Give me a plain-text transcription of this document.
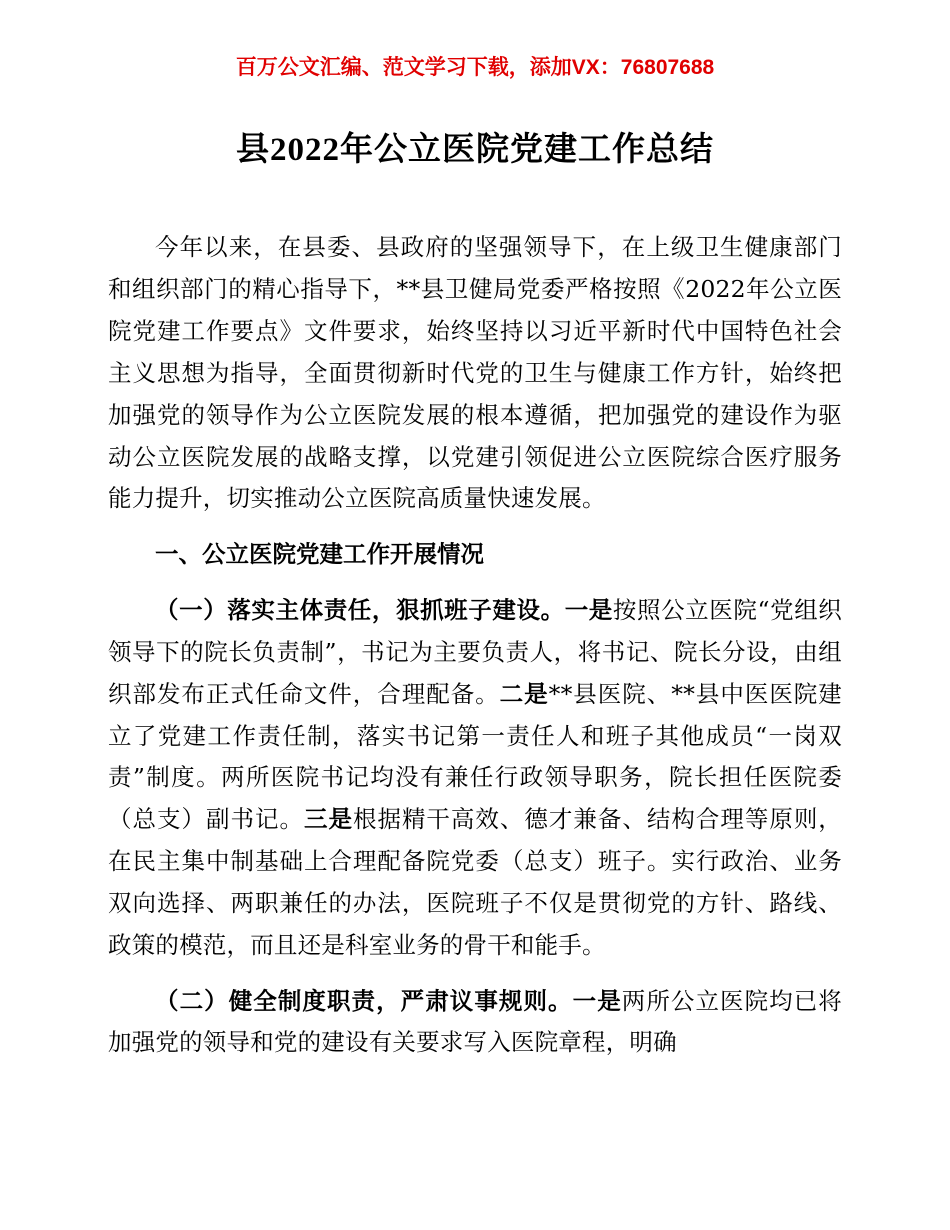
百万公文汇编、范文学习下载，添加VX：76807688
县2022年公立医院党建工作总结

今年以来，在县委、县政府的坚强领导下，在上级卫生健康部门和组织部门的精心指导下，**县卫健局党委严格按照《2022年公立医院党建工作要点》文件要求，始终坚持以习近平新时代中国特色社会主义思想为指导，全面贯彻新时代党的卫生与健康工作方针，始终把加强党的领导作为公立医院发展的根本遵循，把加强党的建设作为驱动公立医院发展的战略支撑，以党建引领促进公立医院综合医疗服务能力提升，切实推动公立医院高质量快速发展。

一、公立医院党建工作开展情况

（一）落实主体责任，狠抓班子建设。一是按照公立医院“党组织领导下的院长负责制”，书记为主要负责人，将书记、院长分设，由组织部发布正式任命文件，合理配备。二是**县医院、**县中医医院建立了党建工作责任制，落实书记第一责任人和班子其他成员“一岗双责”制度。两所医院书记均没有兼任行政领导职务，院长担任医院委（总支）副书记。三是根据精干高效、德才兼备、结构合理等原则，在民主集中制基础上合理配备院党委（总支）班子。实行政治、业务双向选择、两职兼任的办法，医院班子不仅是贯彻党的方针、路线、政策的模范，而且还是科室业务的骨干和能手。

（二）健全制度职责，严肃议事规则。一是两所公立医院均已将加强党的领导和党的建设有关要求写入医院章程，明确
